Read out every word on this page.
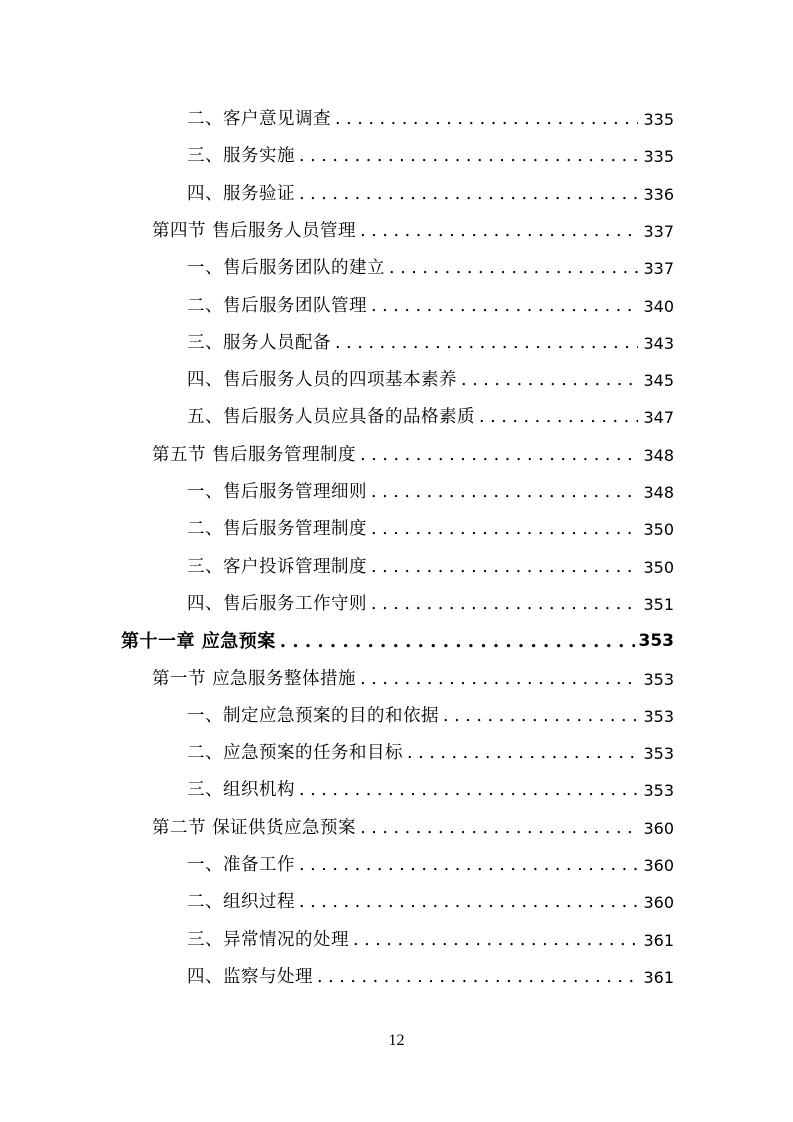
二、客户意见调查 . . .	335
三、服务实施 . . .	335
四、服务验证 . . .	336
第四节 售后服务人员管理 . . .	337
一、售后服务团队的建立 . . .	337
二、售后服务团队管理 . . .	340
三、服务人员配备 . . .	343
四、售后服务人员的四项基本素养 . . .	345
五、售后服务人员应具备的品格素质 . . .	347
第五节 售后服务管理制度 . . .	348
一、售后服务管理细则 . . .	348
二、售后服务管理制度 . . .	350
三、客户投诉管理制度 . . .	350
四、售后服务工作守则 . . .	351
第十一章 应急预案 . . .	353
第一节 应急服务整体措施 . . .	353
一、制定应急预案的目的和依据 . . .	353
二、应急预案的任务和目标 . . .	353
三、组织机构 . . .	353
第二节 保证供货应急预案 . . .	360
一、准备工作 . . .	360
二、组织过程 . . .	360
三、异常情况的处理 . . .	361
四、监察与处理 . . .	361
12
